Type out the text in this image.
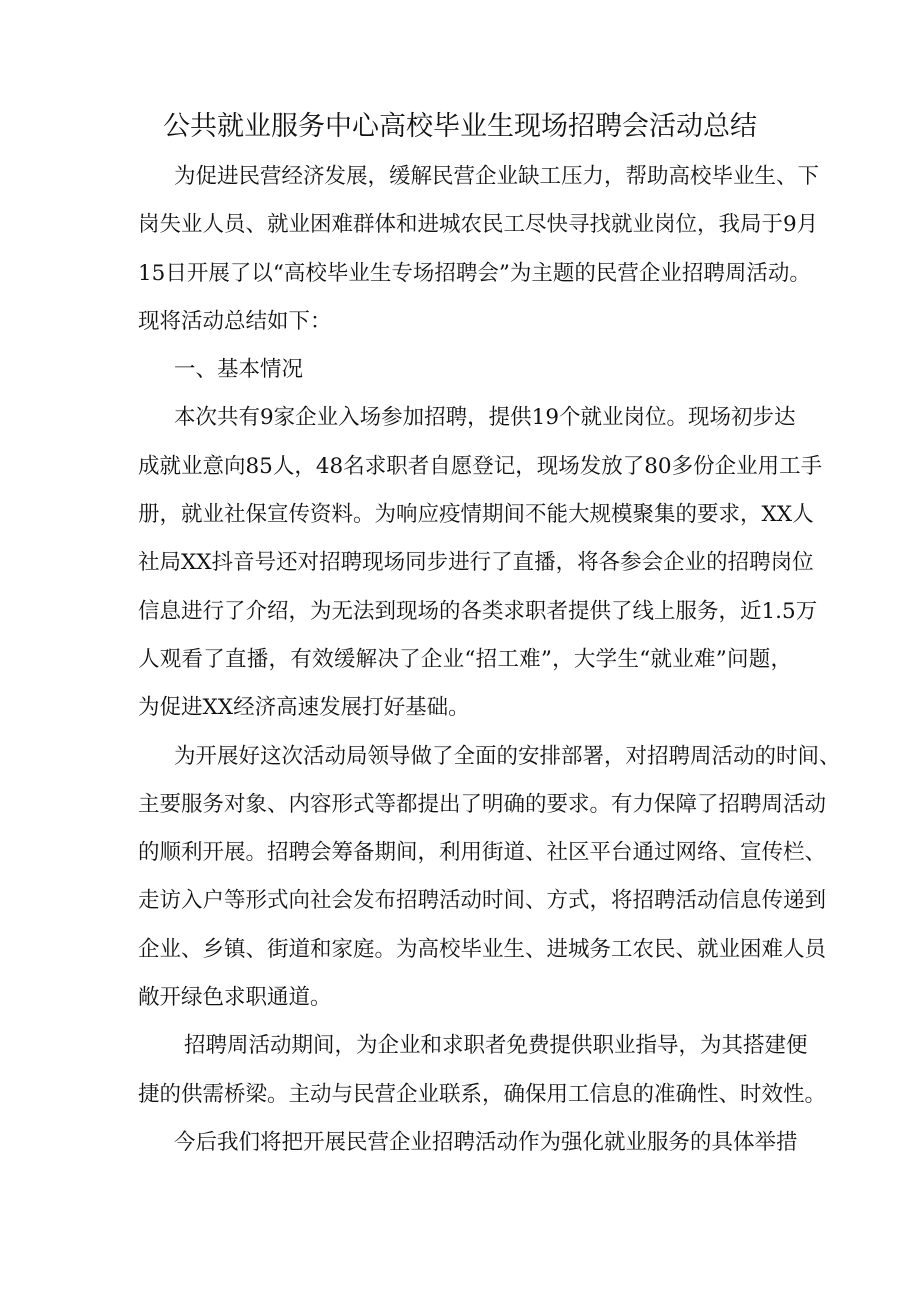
公共就业服务中心高校毕业生现场招聘会活动总结
为促进民营经济发展，缓解民营企业缺工压力，帮助高校毕业生、下
岗失业人员、就业困难群体和进城农民工尽快寻找就业岗位，我局于9月
15日开展了以“高校毕业生专场招聘会”为主题的民营企业招聘周活动。
现将活动总结如下：
一、基本情况
本次共有9家企业入场参加招聘，提供19个就业岗位。现场初步达
成就业意向85人，48名求职者自愿登记，现场发放了80多份企业用工手
册，就业社保宣传资料。为响应疫情期间不能大规模聚集的要求，XX人
社局XX抖音号还对招聘现场同步进行了直播，将各参会企业的招聘岗位
信息进行了介绍，为无法到现场的各类求职者提供了线上服务，近1.5万
人观看了直播，有效缓解决了企业“招工难”，大学生“就业难”问题，
为促进XX经济高速发展打好基础。
为开展好这次活动局领导做了全面的安排部署，对招聘周活动的时间、
主要服务对象、内容形式等都提出了明确的要求。有力保障了招聘周活动
的顺利开展。招聘会筹备期间，利用街道、社区平台通过网络、宣传栏、
走访入户等形式向社会发布招聘活动时间、方式，将招聘活动信息传递到
企业、乡镇、街道和家庭。为高校毕业生、进城务工农民、就业困难人员
敞开绿色求职通道。
招聘周活动期间，为企业和求职者免费提供职业指导，为其搭建便
捷的供需桥梁。主动与民营企业联系，确保用工信息的准确性、时效性。
今后我们将把开展民营企业招聘活动作为强化就业服务的具体举措
